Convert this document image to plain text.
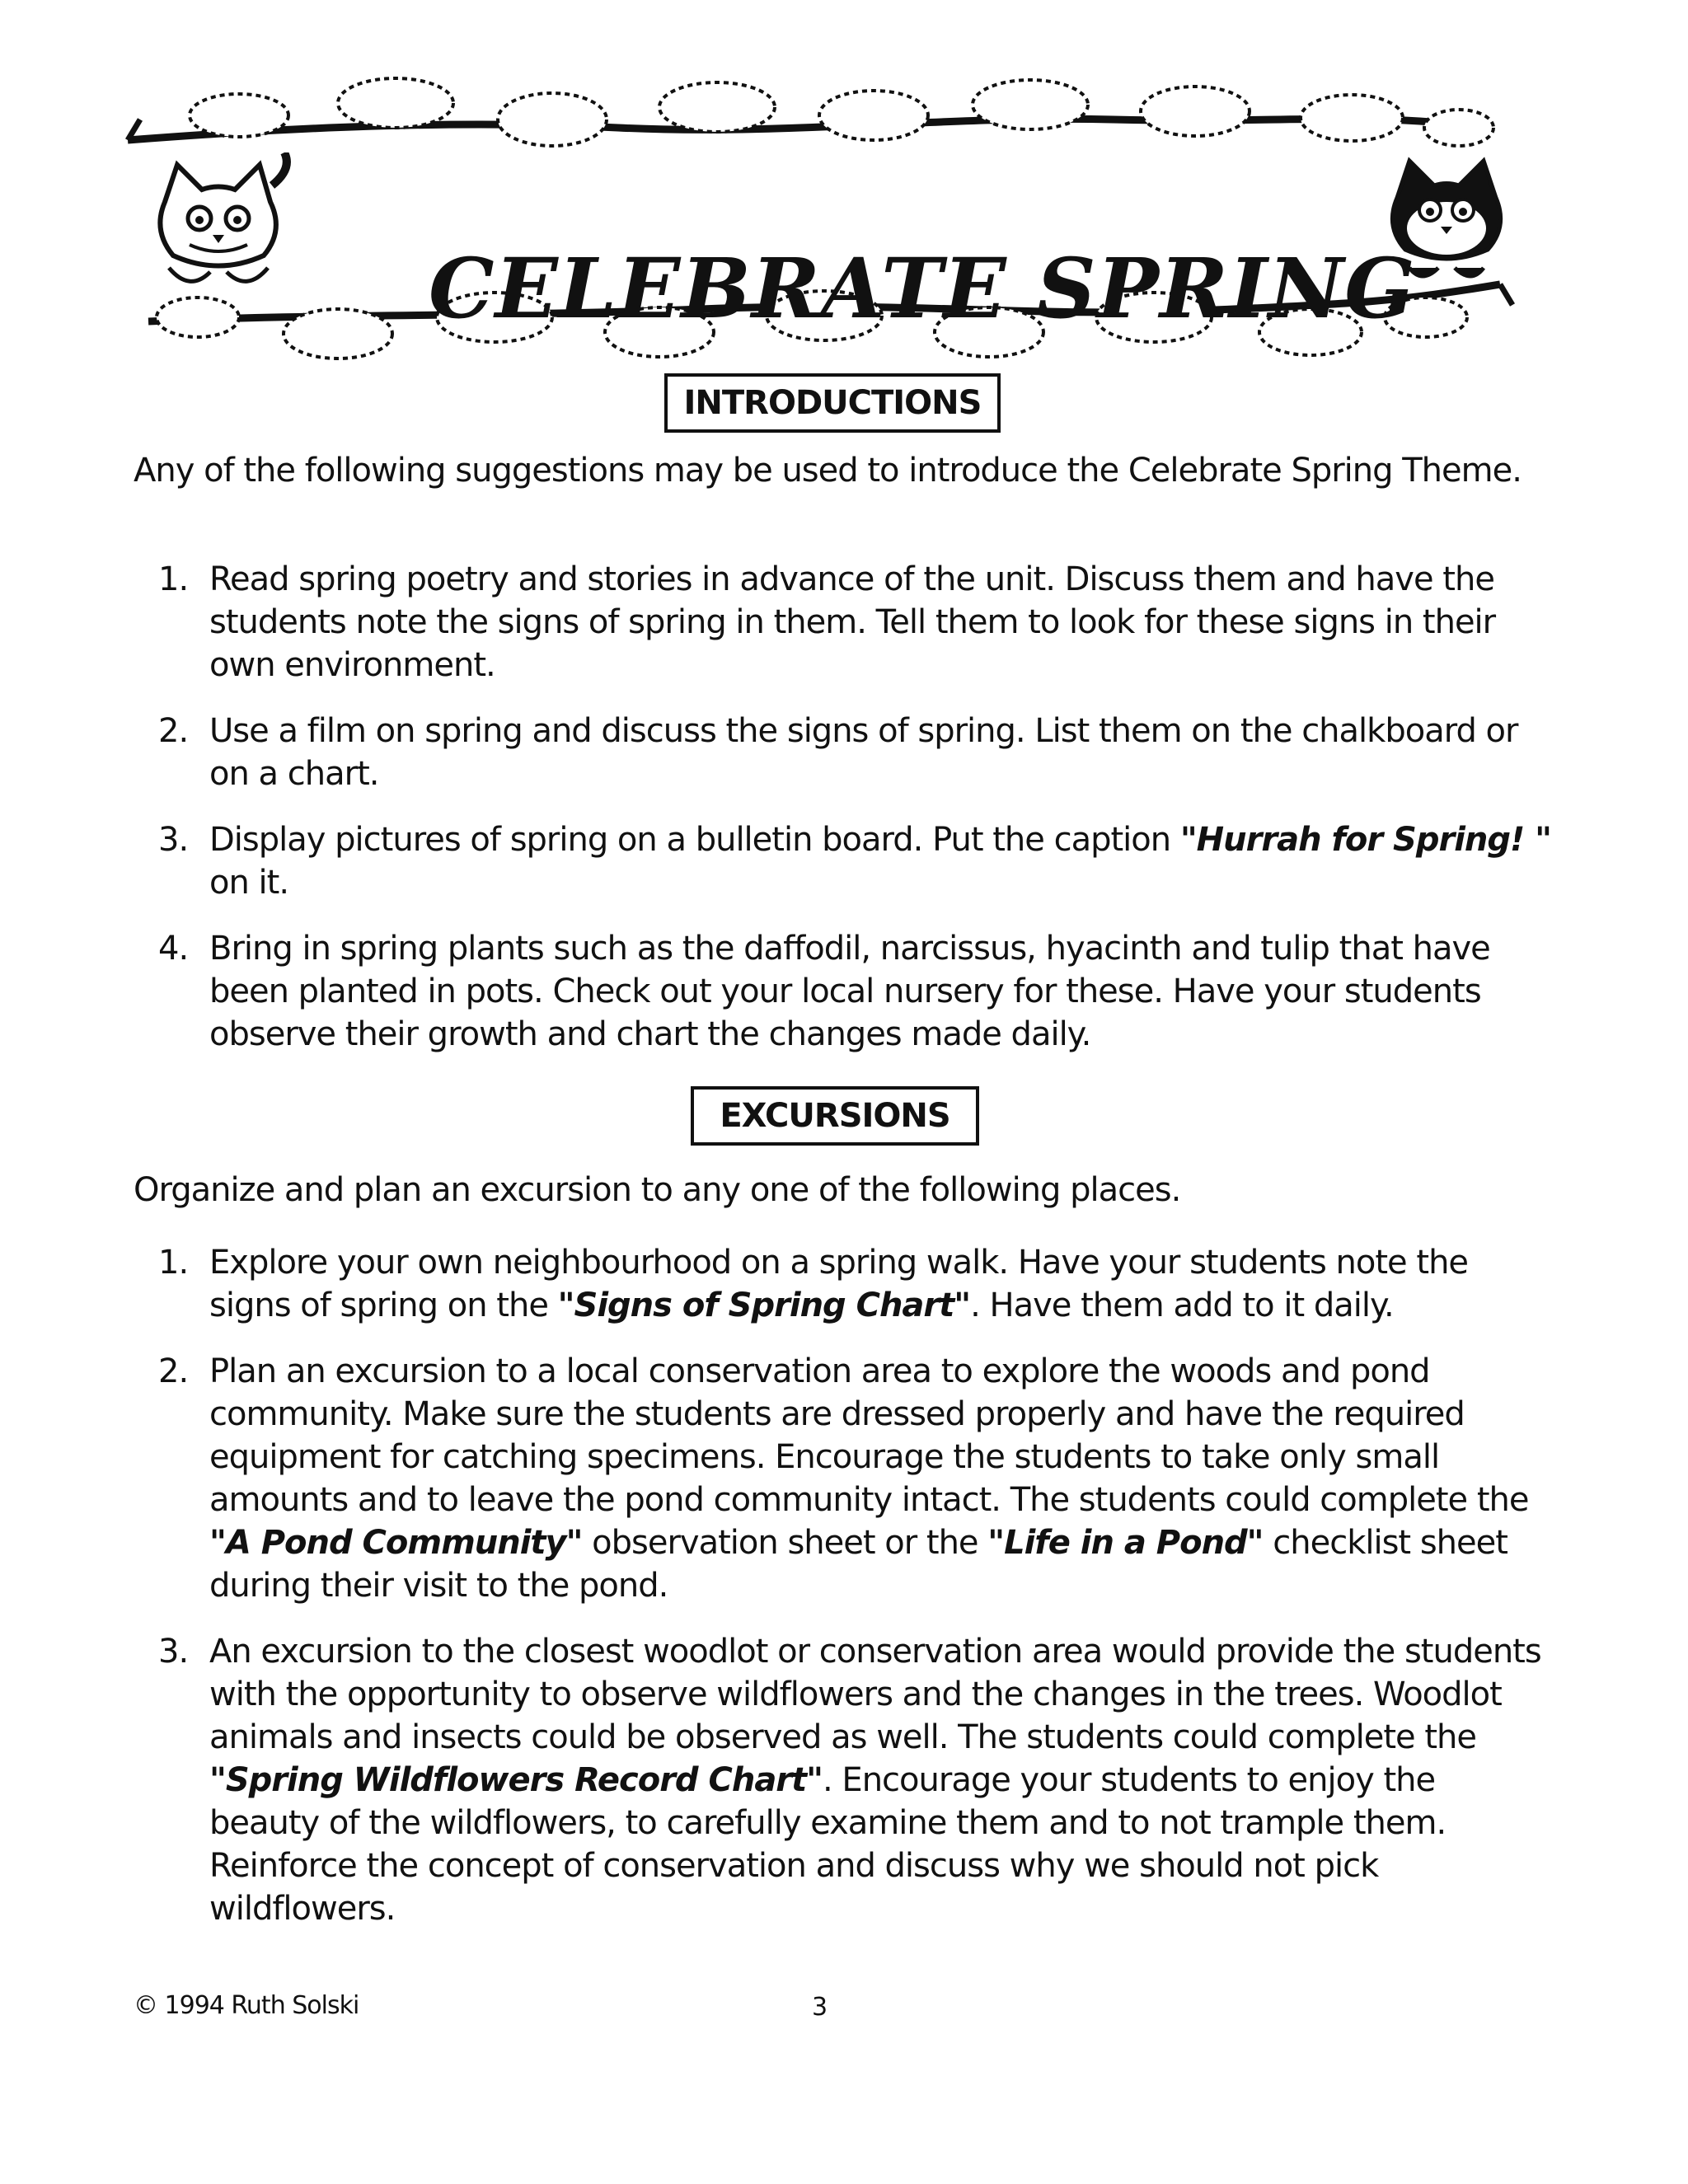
CELEBRATE SPRING
INTRODUCTIONS
Any of the following suggestions may be used to introduce the Celebrate Spring Theme.
1. Read spring poetry and stories in advance of the unit. Discuss them and have the students note the signs of spring in them. Tell them to look for these signs in their own environment.
2. Use a film on spring and discuss the signs of spring. List them on the chalkboard or on a chart.
3. Display pictures of spring on a bulletin board. Put the caption "Hurrah for Spring! " on it.
4. Bring in spring plants such as the daffodil, narcissus, hyacinth and tulip that have been planted in pots. Check out your local nursery for these. Have your students observe their growth and chart the changes made daily.
EXCURSIONS
Organize and plan an excursion to any one of the following places.
1. Explore your own neighbourhood on a spring walk. Have your students note the signs of spring on the "Signs of Spring Chart". Have them add to it daily.
2. Plan an excursion to a local conservation area to explore the woods and pond community. Make sure the students are dressed properly and have the required equipment for catching specimens. Encourage the students to take only small amounts and to leave the pond community intact. The students could complete the "A Pond Community" observation sheet or the "Life in a Pond" checklist sheet during their visit to the pond.
3. An excursion to the closest woodlot or conservation area would provide the students with the opportunity to observe wildflowers and the changes in the trees. Woodlot animals and insects could be observed as well. The students could complete the "Spring Wildflowers Record Chart". Encourage your students to enjoy the beauty of the wildflowers, to carefully examine them and to not trample them. Reinforce the concept of conservation and discuss why we should not pick wildflowers.
© 1994 Ruth Solski	3
